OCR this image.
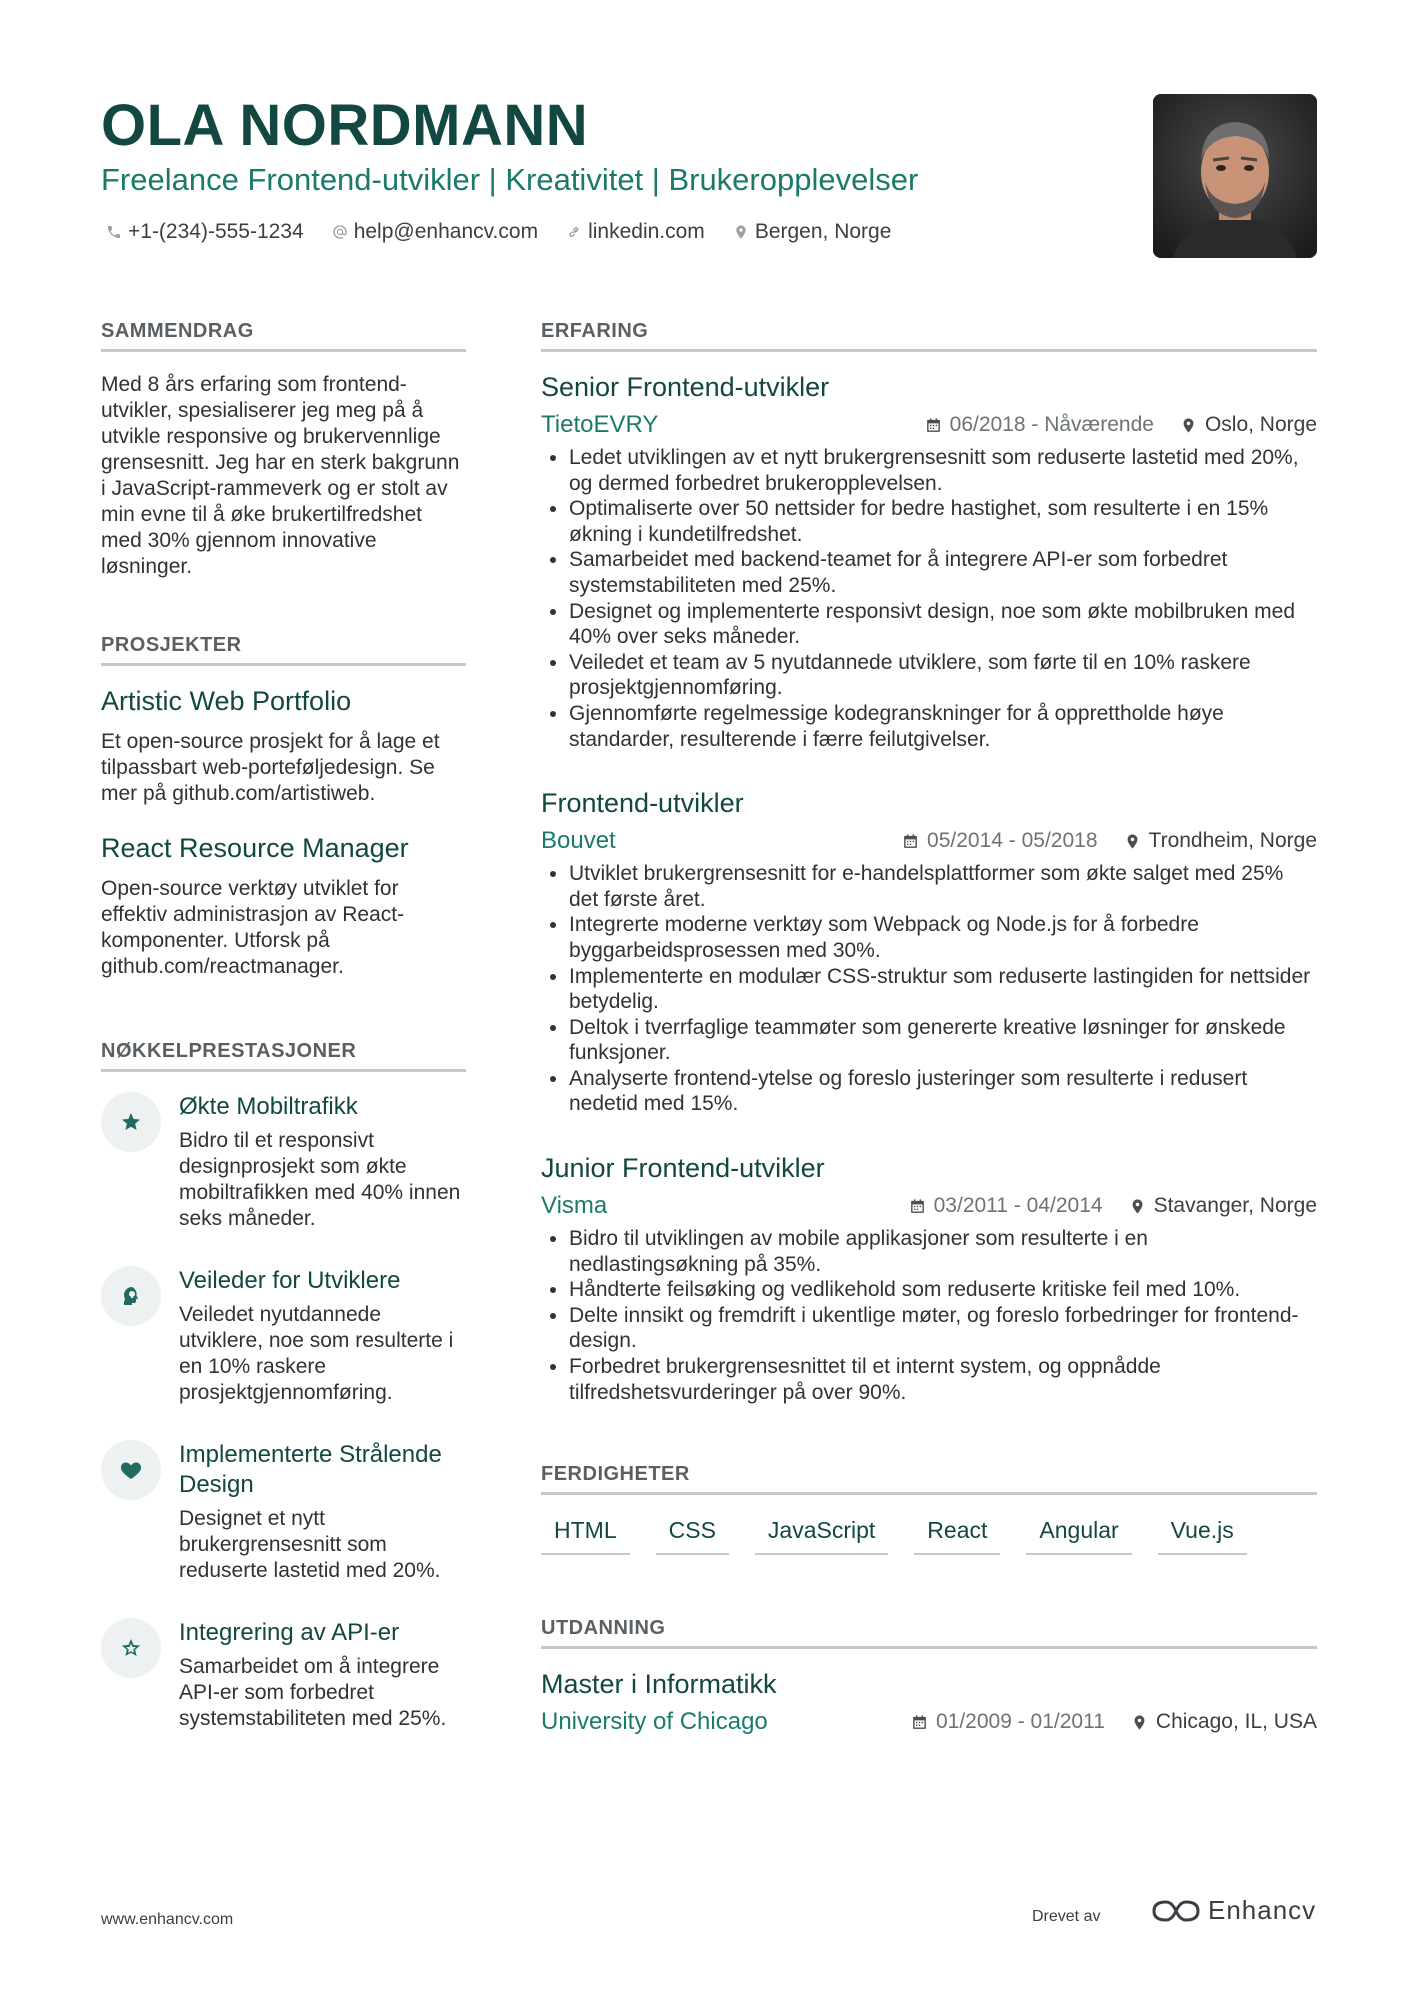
OLA NORDMANN
Freelance Frontend-utvikler | Kreativitet | Brukeropplevelser
+1-(234)-555-1234 help@enhancv.com linkedin.com Bergen, Norge
SAMMENDRAG

Med 8 års erfaring som frontend-utvikler, spesialiserer jeg meg på å utvikle responsive og brukervennlige grensesnitt. Jeg har en sterk bakgrunn i JavaScript-rammeverk og er stolt av min evne til å øke brukertilfredshet med 30% gjennom innovative løsninger.

PROSJEKTER
Artistic Web Portfolio

Et open-source prosjekt for å lage et tilpassbart web-porteføljedesign. Se mer på github.com/artistiweb.

React Resource Manager

Open-source verktøy utviklet for effektiv administrasjon av React-komponenter. Utforsk på github.com/reactmanager.

NØKKELPRESTASJONER
Økte Mobiltrafikk

Bidro til et responsivt designprosjekt som økte mobiltrafikken med 40% innen seks måneder.

Veileder for Utviklere

Veiledet nyutdannede utviklere, noe som resulterte i en 10% raskere prosjektgjennomføring.

Implementerte Strålende Design

Designet et nytt brukergrensesnitt som reduserte lastetid med 20%.

Integrering av API-er

Samarbeidet om å integrere API-er som forbedret systemstabiliteten med 25%.

ERFARING
Senior Frontend-utvikler
TietoEVRY	06/2018 - Nåværende Oslo, Norge
• Ledet utviklingen av et nytt brukergrensesnitt som reduserte lastetid med 20%, og dermed forbedret brukeropplevelsen.
• Optimaliserte over 50 nettsider for bedre hastighet, som resulterte i en 15% økning i kundetilfredshet.
• Samarbeidet med backend-teamet for å integrere API-er som forbedret systemstabiliteten med 25%.
• Designet og implementerte responsivt design, noe som økte mobilbruken med 40% over seks måneder.
• Veiledet et team av 5 nyutdannede utviklere, som førte til en 10% raskere prosjektgjennomføring.
• Gjennomførte regelmessige kodegranskninger for å opprettholde høye standarder, resulterende i færre feilutgivelser.
Frontend-utvikler
Bouvet	05/2014 - 05/2018 Trondheim, Norge
• Utviklet brukergrensesnitt for e-handelsplattformer som økte salget med 25% det første året.
• Integrerte moderne verktøy som Webpack og Node.js for å forbedre byggarbeidsprosessen med 30%.
• Implementerte en modulær CSS-struktur som reduserte lastingiden for nettsider betydelig.
• Deltok i tverrfaglige teammøter som genererte kreative løsninger for ønskede funksjoner.
• Analyserte frontend-ytelse og foreslo justeringer som resulterte i redusert nedetid med 15%.
Junior Frontend-utvikler
Visma	03/2011 - 04/2014 Stavanger, Norge
• Bidro til utviklingen av mobile applikasjoner som resulterte i en nedlastingsøkning på 35%.
• Håndterte feilsøking og vedlikehold som reduserte kritiske feil med 10%.
• Delte innsikt og fremdrift i ukentlige møter, og foreslo forbedringer for frontend-design.
• Forbedret brukergrensesnittet til et internt system, og oppnådde tilfredshetsvurderinger på over 90%.
FERDIGHETER
HTML	CSS	JavaScript	React	Angular	Vue.js
UTDANNING
Master i Informatikk
University of Chicago	01/2009 - 01/2011 Chicago, IL, USA
www.enhancv.com	Drevet av	Enhancv
